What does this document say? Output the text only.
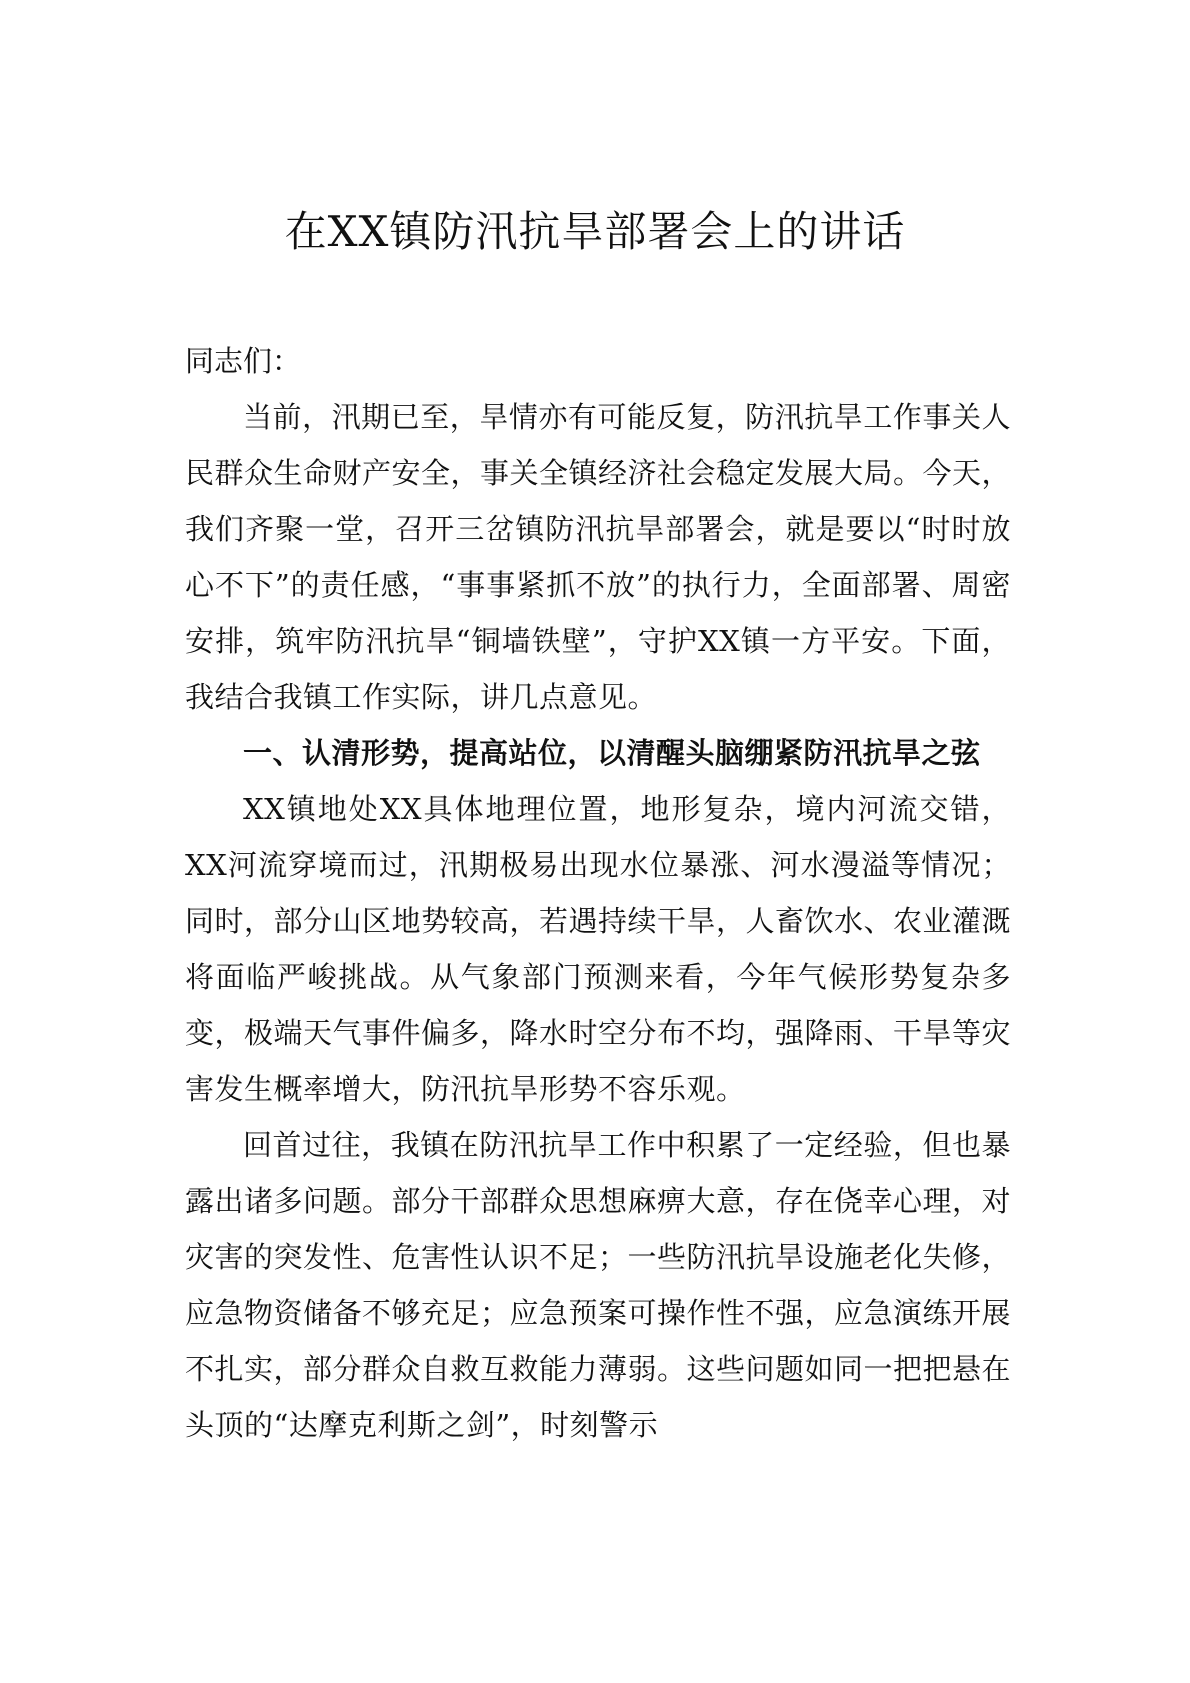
在XX镇防汛抗旱部署会上的讲话

同志们：

当前，汛期已至，旱情亦有可能反复，防汛抗旱工作事关人民群众生命财产安全，事关全镇经济社会稳定发展大局。今天，我们齐聚一堂，召开三岔镇防汛抗旱部署会，就是要以“时时放心不下”的责任感，“事事紧抓不放”的执行力，全面部署、周密安排，筑牢防汛抗旱“铜墙铁壁”，守护XX镇一方平安。下面，我结合我镇工作实际，讲几点意见。

一、认清形势，提高站位，以清醒头脑绷紧防汛抗旱之弦

XX镇地处XX具体地理位置，地形复杂，境内河流交错，XX河流穿境而过，汛期极易出现水位暴涨、河水漫溢等情况；同时，部分山区地势较高，若遇持续干旱，人畜饮水、农业灌溉将面临严峻挑战。从气象部门预测来看，今年气候形势复杂多变，极端天气事件偏多，降水时空分布不均，强降雨、干旱等灾害发生概率增大，防汛抗旱形势不容乐观。

回首过往，我镇在防汛抗旱工作中积累了一定经验，但也暴露出诸多问题。部分干部群众思想麻痹大意，存在侥幸心理，对灾害的突发性、危害性认识不足；一些防汛抗旱设施老化失修，应急物资储备不够充足；应急预案可操作性不强，应急演练开展不扎实，部分群众自救互救能力薄弱。这些问题如同一把把悬在头顶的“达摩克利斯之剑”，时刻警示
